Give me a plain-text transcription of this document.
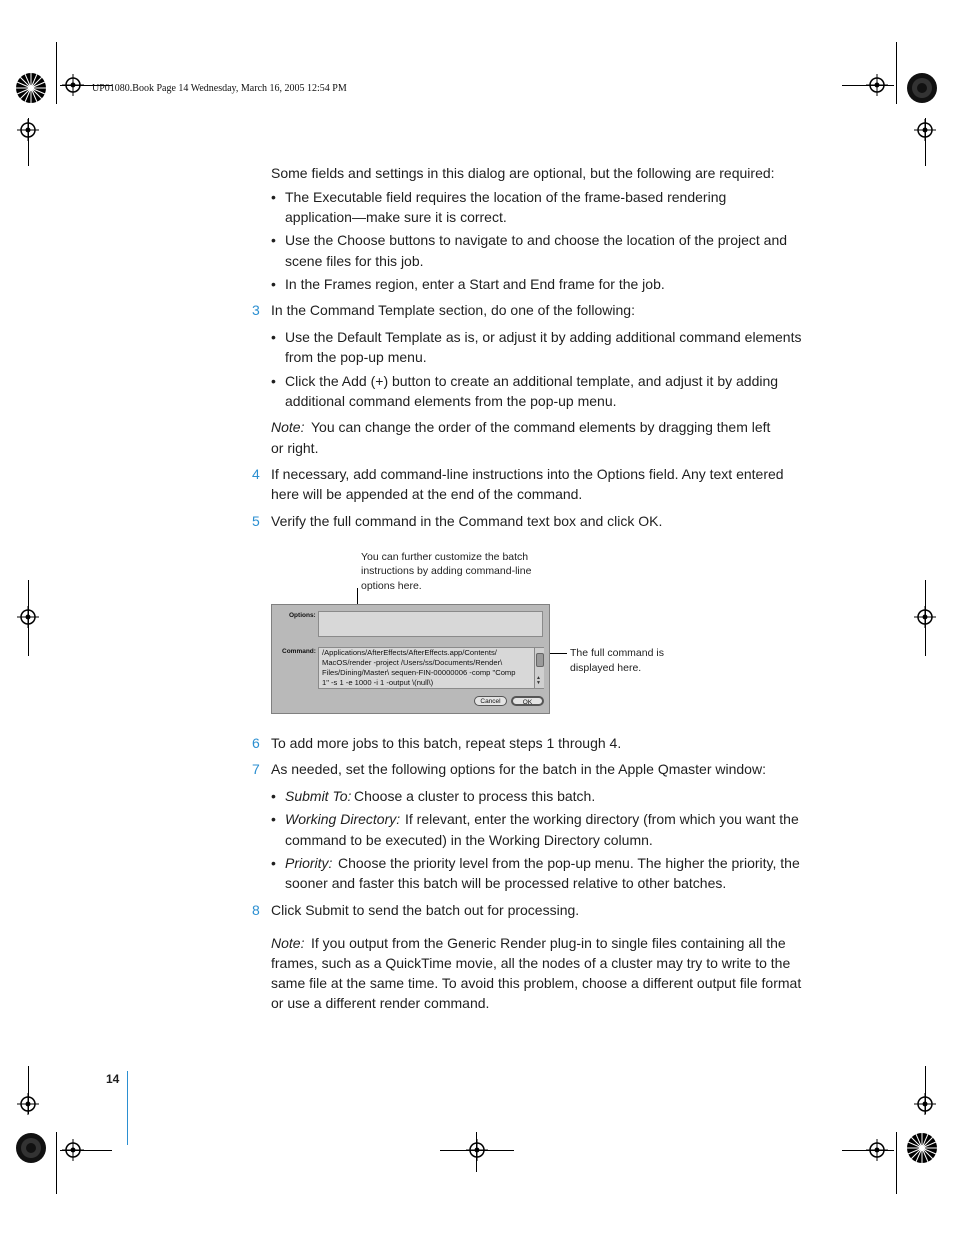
UP01080.Book Page 14 Wednesday, March 16, 2005 12:54 PM
Some fields and settings in this dialog are optional, but the following are required:
• The Executable field requires the location of the frame-based rendering
application—make sure it is correct.
• Use the Choose buttons to navigate to and choose the location of the project and
scene files for this job.
• In the Frames region, enter a Start and End frame for the job.
3 In the Command Template section, do one of the following:
• Use the Default Template as is, or adjust it by adding additional command elements
from the pop-up menu.
• Click the Add (+) button to create an additional template, and adjust it by adding
additional command elements from the pop-up menu.
Note: You can change the order of the command elements by dragging them left
or right.
4 If necessary, add command-line instructions into the Options field. Any text entered
here will be appended at the end of the command.
5 Verify the full command in the Command text box and click OK.
You can further customize the batch
instructions by adding command-line
options here.
The full command is
displayed here.
Options:
Command: /Applications/AfterEffects/AfterEffects.app/Contents/
MacOS/render -project /Users/ss/Documents/Render\
Files/Dining/Master\ sequen-FIN-00000006 -comp "Comp
1" -s 1 -e 1000 -i 1 -output \(null\)	▲
▼
Cancel	OK
6 To add more jobs to this batch, repeat steps 1 through 4.
7 As needed, set the following options for the batch in the Apple Qmaster window:
• Submit To: Choose a cluster to process this batch.
• Working Directory: If relevant, enter the working directory (from which you want the
command to be executed) in the Working Directory column.
• Priority: Choose the priority level from the pop-up menu. The higher the priority, the
sooner and faster this batch will be processed relative to other batches.
8 Click Submit to send the batch out for processing.
Note: If you output from the Generic Render plug-in to single files containing all the
frames, such as a QuickTime movie, all the nodes of a cluster may try to write to the
same file at the same time. To avoid this problem, choose a different output file format
or use a different render command.
14
